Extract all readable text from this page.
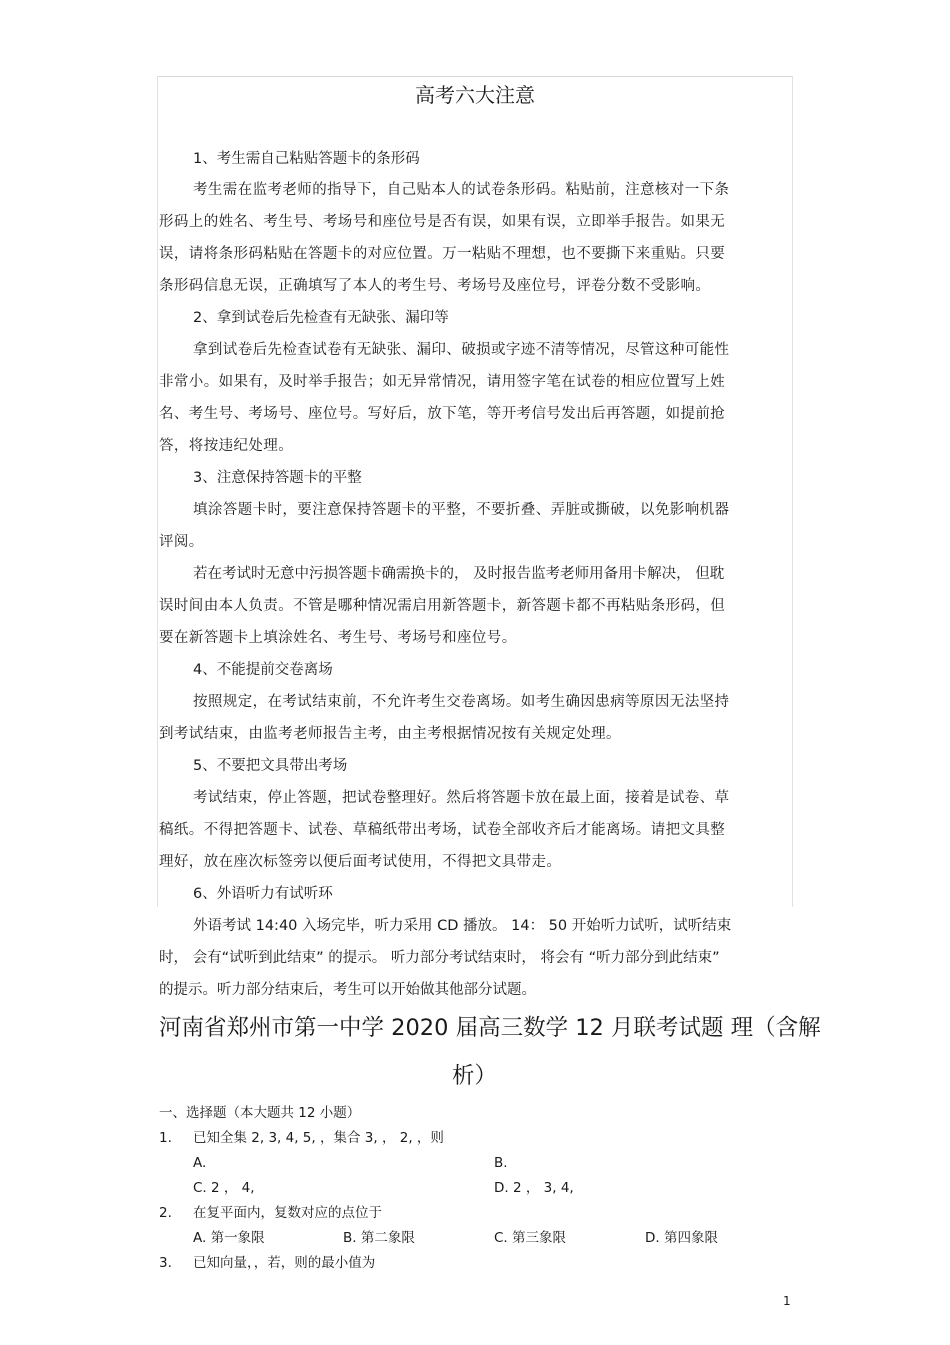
高考六大注意
1、考生需自己粘贴答题卡的条形码
考生需在监考老师的指导下，自己贴本人的试卷条形码。粘贴前，注意核对一下条
形码上的姓名、考生号、考场号和座位号是否有误，如果有误，立即举手报告。如果无
误，请将条形码粘贴在答题卡的对应位置。万一粘贴不理想，也不要撕下来重贴。只要
条形码信息无误，正确填写了本人的考生号、考场号及座位号，评卷分数不受影响。
2、拿到试卷后先检查有无缺张、漏印等
拿到试卷后先检查试卷有无缺张、漏印、破损或字迹不清等情况，尽管这种可能性
非常小。如果有，及时举手报告；如无异常情况，请用签字笔在试卷的相应位置写上姓
名、考生号、考场号、座位号。写好后，放下笔，等开考信号发出后再答题，如提前抢
答，将按违纪处理。
3、注意保持答题卡的平整
填涂答题卡时，要注意保持答题卡的平整，不要折叠、弄脏或撕破，以免影响机器
评阅。
若在考试时无意中污损答题卡确需换卡的， 及时报告监考老师用备用卡解决， 但耽
误时间由本人负责。不管是哪种情况需启用新答题卡，新答题卡都不再粘贴条形码，但
要在新答题卡上填涂姓名、考生号、考场号和座位号。
4、不能提前交卷离场
按照规定，在考试结束前，不允许考生交卷离场。如考生确因患病等原因无法坚持
到考试结束，由监考老师报告主考，由主考根据情况按有关规定处理。
5、不要把文具带出考场
考试结束，停止答题，把试卷整理好。然后将答题卡放在最上面，接着是试卷、草
稿纸。不得把答题卡、试卷、草稿纸带出考场，试卷全部收齐后才能离场。请把文具整
理好，放在座次标签旁以便后面考试使用，不得把文具带走。
6、外语听力有试听环
外语考试 14:40 入场完毕，听力采用 CD 播放。 14： 50 开始听力试听，试听结束
时， 会有“试听到此结束” 的提示。 听力部分考试结束时， 将会有 “听力部分到此结束”
的提示。听力部分结束后，考生可以开始做其他部分试题。
河南省郑州市第一中学 2020 届高三数学 12 月联考试题 理（含解
析）
一、选择题（本大题共 12 小题）
1. 已知全集 2, 3, 4, 5, ，集合 3, ， 2, ，则
A.	B.
C. 2 ， 4,	D. 2 ， 3, 4,
2. 在复平面内，复数对应的点位于
A. 第一象限	B. 第二象限	C. 第三象限	D. 第四象限
3. 已知向量，，若，则的最小值为
1
